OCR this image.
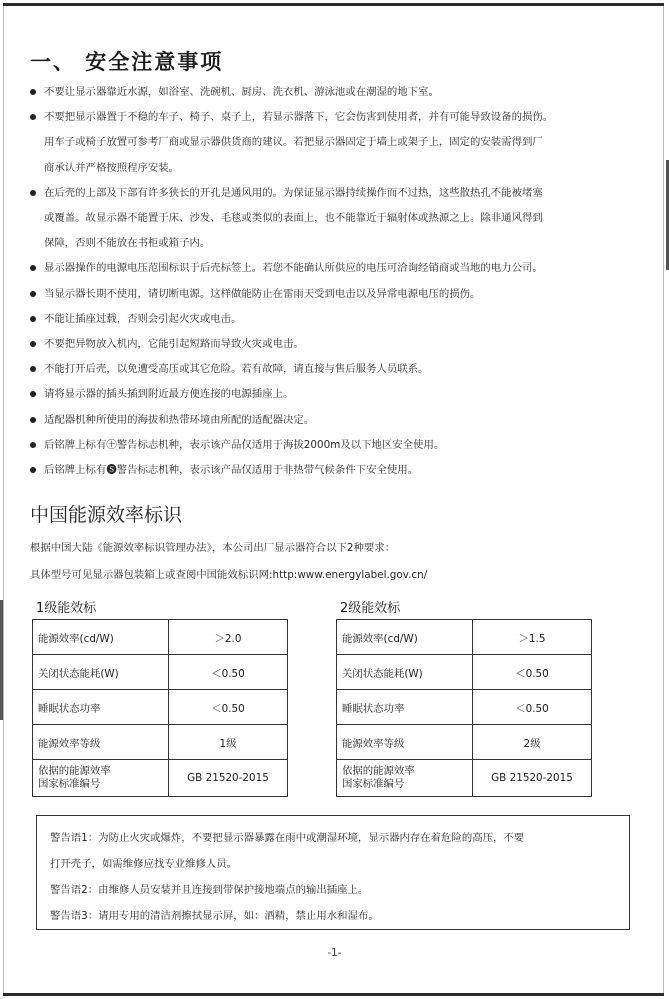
一、 安全注意事项
不要让显示器靠近水源，如浴室、洗碗机、厨房、洗衣机、游泳池或在潮湿的地下室。
不要把显示器置于不稳的车子、椅子、桌子上，若显示器落下，它会伤害到使用者，并有可能导致设备的损伤。
用车子或椅子放置可参考厂商或显示器供货商的建议。若把显示器固定于墙上或架子上，固定的安装需得到厂
商承认并严格按照程序安装。
在后壳的上部及下部有许多狭长的开孔是通风用的。为保证显示器持续操作而不过热，这些散热孔不能被堵塞
或覆盖。故显示器不能置于床、沙发、毛毯或类似的表面上，也不能靠近于辐射体或热源之上。除非通风得到
保障，否则不能放在书柜或箱子内。
显示器操作的电源电压范围标识于后壳标签上。若您不能确认所供应的电压可洽询经销商或当地的电力公司。
当显示器长期不使用，请切断电源。这样做能防止在雷雨天受到电击以及异常电源电压的损伤。
不能让插座过载，否则会引起火灾或电击。
不要把异物放入机内，它能引起短路而导致火灾或电击。
不能打开后壳，以免遭受高压或其它危险。若有故障，请直接与售后服务人员联系。
请将显示器的插头插到附近最方便连接的电源插座上。
适配器机种所使用的海拔和热带环境由所配的适配器决定。
后铭牌上标有㊉警告标志机种，表示该产品仅适用于海拔2000m及以下地区安全使用。
后铭牌上标有🅢警告标志机种，表示该产品仅适用于非热带气候条件下安全使用。
中国能源效率标识
根据中国大陆《能源效率标识管理办法》，本公司出厂显示器符合以下2种要求：
具体型号可见显示器包装箱上或查阅中国能效标识网:http:www.energylabel.gov.cn/
1级能效标
能源效率(cd/W)	＞2.0
关闭状态能耗(W)	＜0.50
睡眠状态功率	＜0.50
能源效率等级	1级
依据的能源效率
国家标准编号	GB 21520-2015
2级能效标
能源效率(cd/W)	＞1.5
关闭状态能耗(W)	＜0.50
睡眠状态功率	＜0.50
能源效率等级	2级
依据的能源效率
国家标准编号	GB 21520-2015

警告语1：为防止火灾或爆炸，不要把显示器暴露在雨中或潮湿环境，显示器内存在着危险的高压，不要

打开壳子，如需维修应找专业维修人员。

警告语2：由维修人员安装并且连接到带保护接地端点的输出插座上。

警告语3：请用专用的清洁剂擦拭显示屏，如：酒精，禁止用水和湿布。

-1-
